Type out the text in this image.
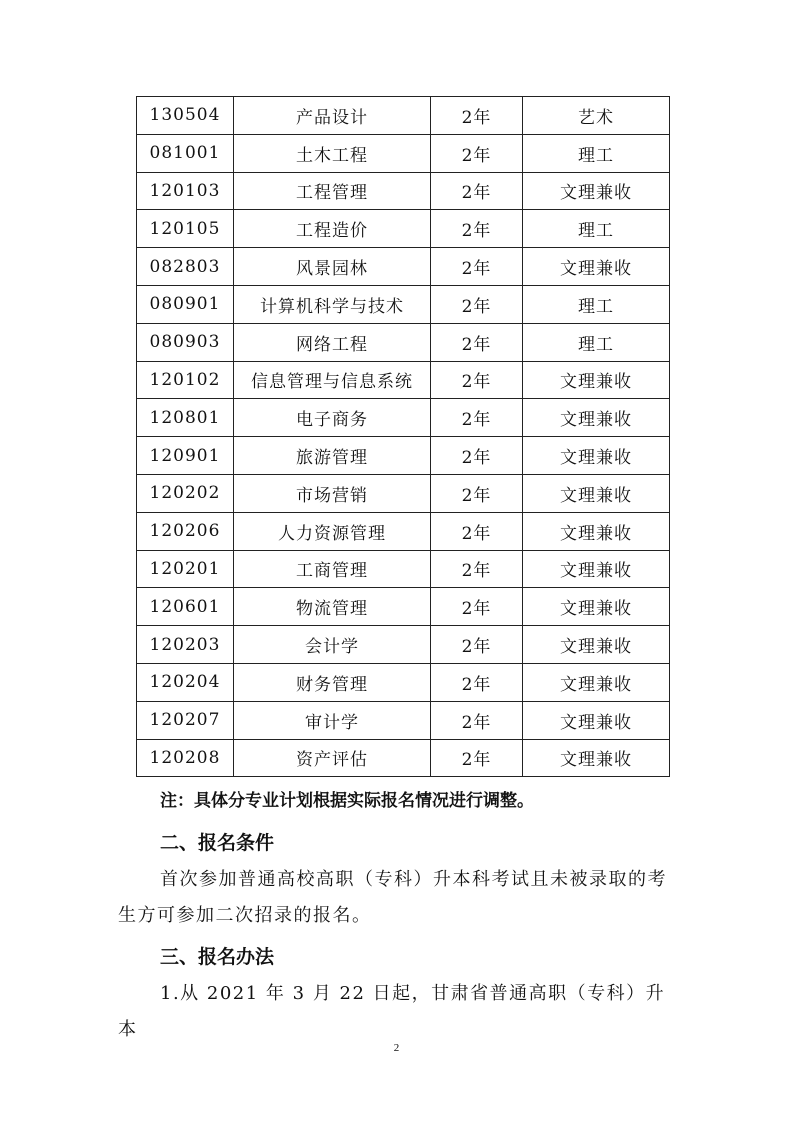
130504	产品设计	2年	艺术
081001	土木工程	2年	理工
120103	工程管理	2年	文理兼收
120105	工程造价	2年	理工
082803	风景园林	2年	文理兼收
080901	计算机科学与技术	2年	理工
080903	网络工程	2年	理工
120102	信息管理与信息系统	2年	文理兼收
120801	电子商务	2年	文理兼收
120901	旅游管理	2年	文理兼收
120202	市场营销	2年	文理兼收
120206	人力资源管理	2年	文理兼收
120201	工商管理	2年	文理兼收
120601	物流管理	2年	文理兼收
120203	会计学	2年	文理兼收
120204	财务管理	2年	文理兼收
120207	审计学	2年	文理兼收
120208	资产评估	2年	文理兼收
注：具体分专业计划根据实际报名情况进行调整。
二、报名条件
首次参加普通高校高职（专科）升本科考试且未被录取的考生方可参加二次招录的报名。
三、报名办法
1.从 2021 年 3 月 22 日起，甘肃省普通高职（专科）升本
2
